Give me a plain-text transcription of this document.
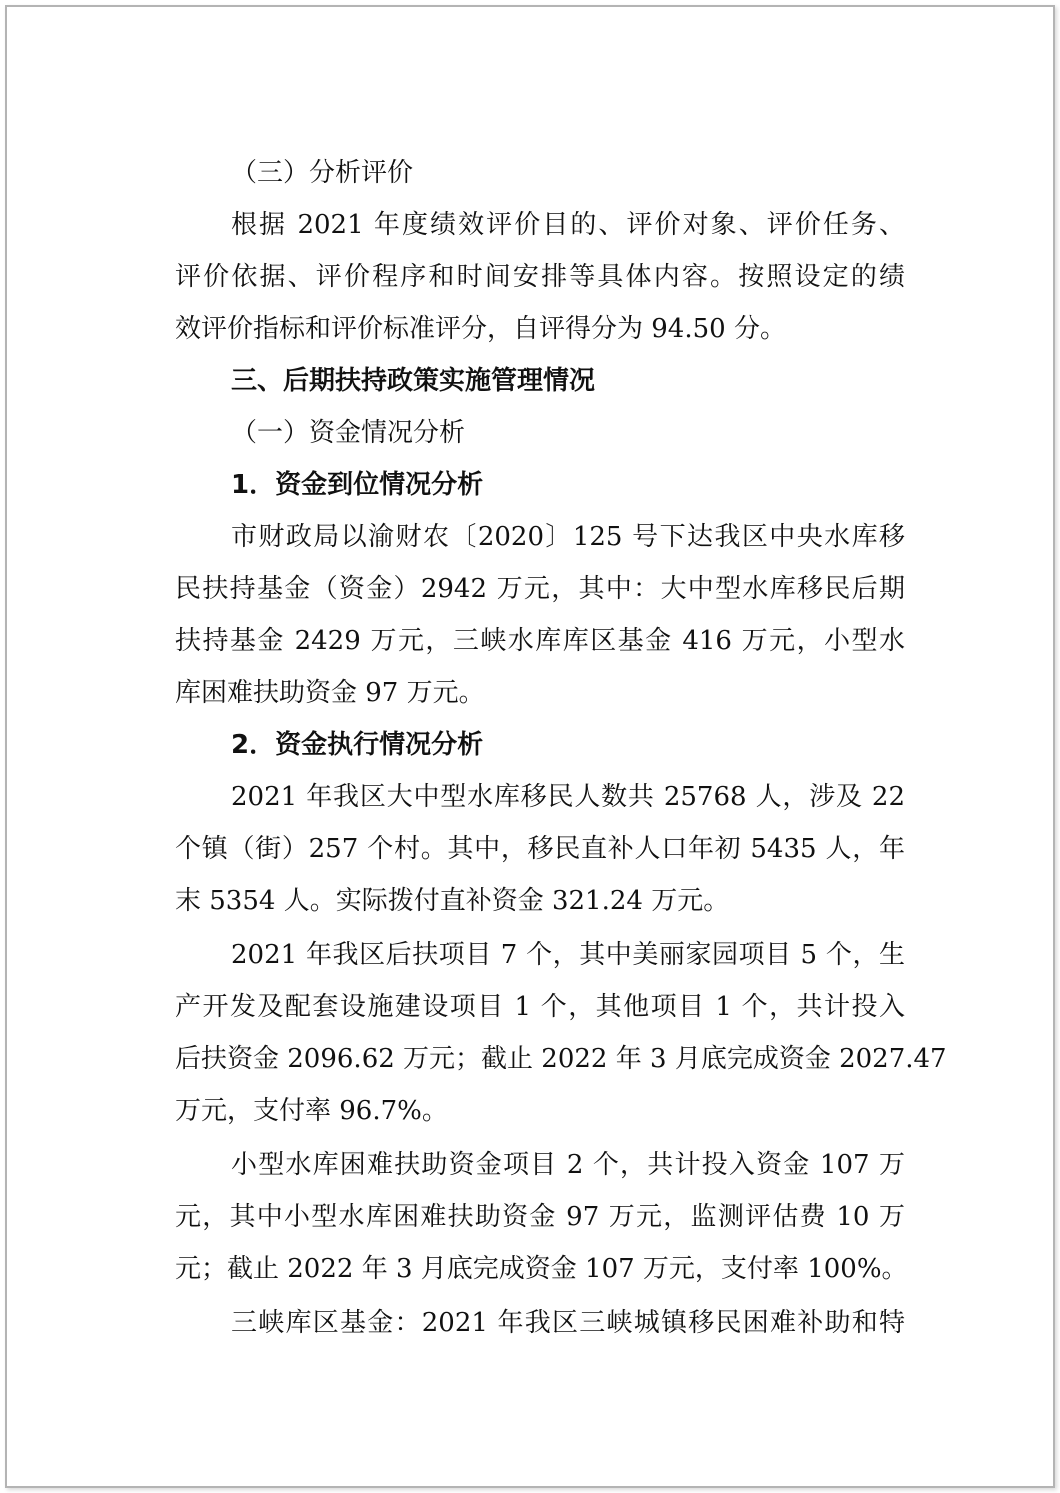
（三）分析评价
根据 2021 年度绩效评价目的、评价对象、评价任务、
评价依据、评价程序和时间安排等具体内容。按照设定的绩
效评价指标和评价标准评分，自评得分为 94.50 分。
三、后期扶持政策实施管理情况
（一）资金情况分析
1．资金到位情况分析
市财政局以渝财农〔2020〕125 号下达我区中央水库移
民扶持基金（资金）2942 万元，其中：大中型水库移民后期
扶持基金 2429 万元，三峡水库库区基金 416 万元，小型水
库困难扶助资金 97 万元。
2．资金执行情况分析
2021 年我区大中型水库移民人数共 25768 人，涉及 22
个镇（街）257 个村。其中，移民直补人口年初 5435 人，年
末 5354 人。实际拨付直补资金 321.24 万元。
2021 年我区后扶项目 7 个，其中美丽家园项目 5 个，生
产开发及配套设施建设项目 1 个，其他项目 1 个，共计投入
后扶资金 2096.62 万元；截止 2022 年 3 月底完成资金 2027.47
万元，支付率 96.7%。
小型水库困难扶助资金项目 2 个，共计投入资金 107 万
元，其中小型水库困难扶助资金 97 万元，监测评估费 10 万
元；截止 2022 年 3 月底完成资金 107 万元，支付率 100%。
三峡库区基金：2021 年我区三峡城镇移民困难补助和特
